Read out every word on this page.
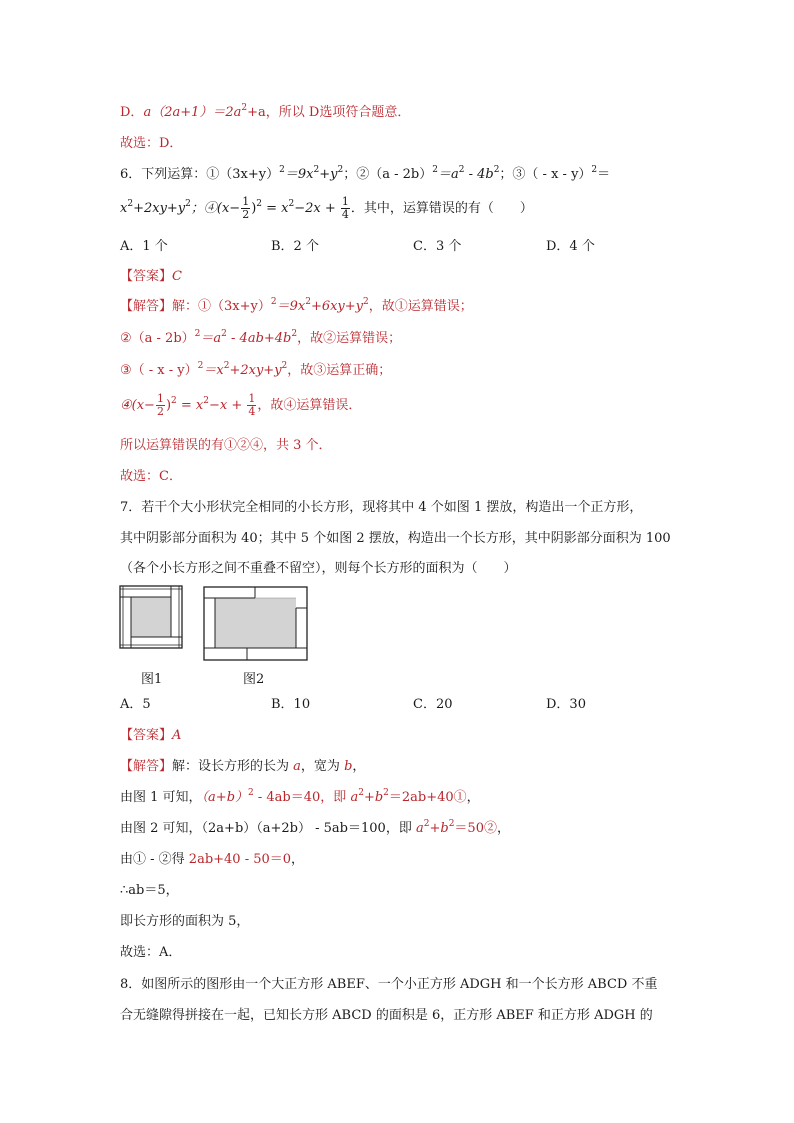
D．$a(2a+1)=2a^2+a$，所以 D选项符合题意．
故选：D．
6．下列运算：$①(3x+y)^2=9x^2+y^2$；②（a - $2b)^2=a^2 - 4b^2$；③（ - x - y）$^2$＝
$x^2+2xy+y^2$；④(x− $\frac{1}{2} )^2 = x^2-2x + \frac{1}{4}$ ．其中，运算错误的有（　　）
A．1 个	B．2 个	C．3 个	D．4 个
【答案】C
【解答】解：$①(3x+y)^2=9x^2+6xy+y^2$，故①运算错误；
②（a - $2b)^2=a^2 - 4ab+4b^2$，故②运算错误；
③（ - $x - y)^2=x^2+2xy+y^2$，故③运算正确；
④(x− $\frac{1}{2} )^2 = x^2-x + \frac{1}{4}$ ，故④运算错误．
所以运算错误的有①②④，共 3 个．
故选：C．
7．若干个大小形状完全相同的小长方形，现将其中 4 个如图 1 摆放，构造出一个正方形，
其中阴影部分面积为 40；其中 5 个如图 2 摆放，构造出一个长方形，其中阴影部分面积为 100
（各个小长方形之间不重叠不留空），则每个长方形的面积为（　　）
图1	图2
A．5	B．10	C．20	D．30
【答案】A
【解答】解：设长方形的长为 a，宽为 b，
由图 1 可知，$(a+b)^2 - 4ab=40$，即 $a^2+b^2=2ab+40①$，
由图 2 可知，（2a+b）（a+2b） - 5ab＝100，即 $a^2+b^2=50②$，
由① - ②得 2ab+40 - 50＝0，
∴ab＝5，
即长方形的面积为 5，
故选：A．
8．如图所示的图形由一个大正方形 ABEF、一个小正方形 ADGH 和一个长方形 ABCD 不重
合无缝隙得拼接在一起，已知长方形 ABCD 的面积是 6，正方形 ABEF 和正方形 ADGH 的
